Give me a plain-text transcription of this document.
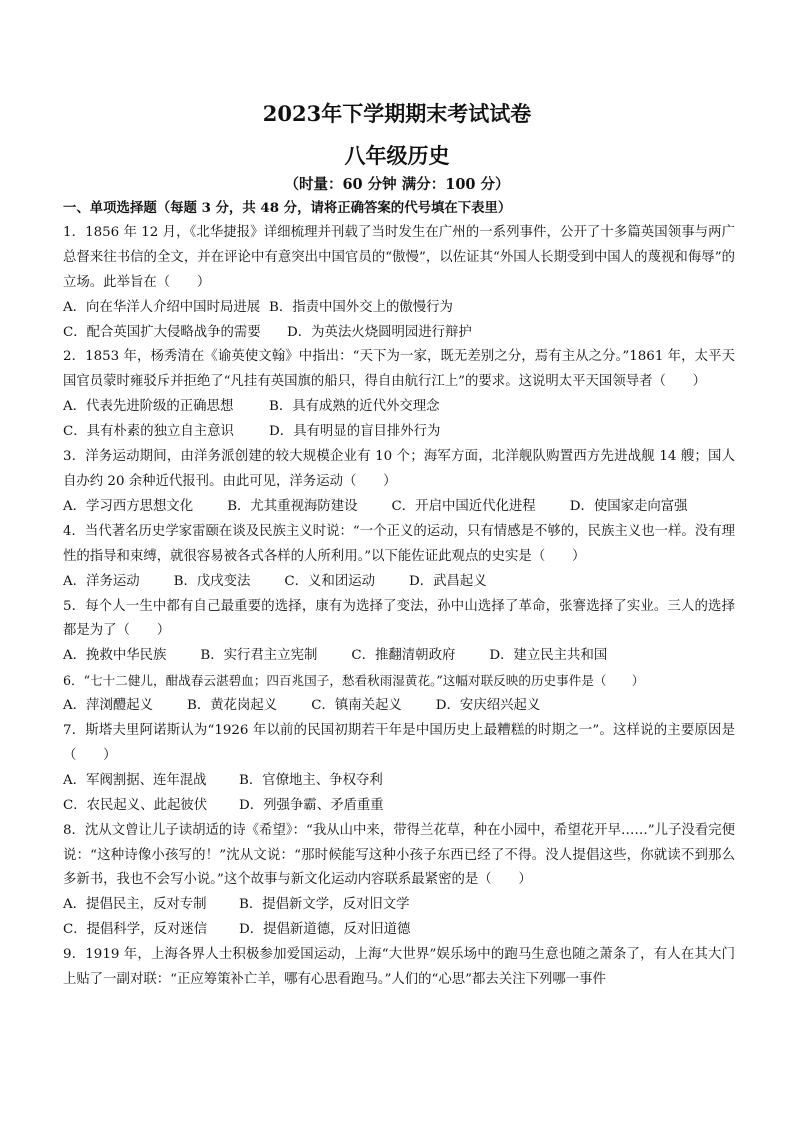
2023年下学期期末考试试卷
八年级历史
（时量：60 分钟 满分：100 分）
一、单项选择题（每题 3 分，共 48 分，请将正确答案的代号填在下表里）

1．1856 年 12 月，《北华捷报》详细梳理并刊载了当时发生在广州的一系列事件，公开了十多篇英国领事与两广总督来往书信的全文，并在评论中有意突出中国官员的“傲慢”，以佐证其“外国人长期受到中国人的蔑视和侮辱”的立场。此举旨在（　　）

A．向在华洋人介绍中国时局进展 B．指责中国外交上的傲慢行为
C．配合英国扩大侵略战争的需要	D．为英法火烧圆明园进行辩护

2．1853 年，杨秀清在《谕英使文翰》中指出：“天下为一家，既无差别之分，焉有主从之分。”1861 年，太平天国官员蒙时雍驳斥并拒绝了“凡挂有英国旗的船只，得自由航行江上”的要求。这说明太平天国领导者（　　）

A．代表先进阶级的正确思想	B．具有成熟的近代外交理念
C．具有朴素的独立自主意识	D．具有明显的盲目排外行为

3．洋务运动期间，由洋务派创建的较大规模企业有 10 个；海军方面，北洋舰队购置西方先进战舰 14 艘；国人自办约 20 余种近代报刊。由此可见，洋务运动（　　）

A．学习西方思想文化	B．尤其重视海防建设	C．开启中国近代化进程	D．使国家走向富强

4．当代著名历史学家雷颐在谈及民族主义时说：“一个正义的运动，只有情感是不够的，民族主义也一样。没有理性的指导和束缚，就很容易被各式各样的人所利用。”以下能佐证此观点的史实是（　　）

A．洋务运动	B．戊戌变法	C．义和团运动	D．武昌起义

5．每个人一生中都有自己最重要的选择，康有为选择了变法，孙中山选择了革命，张謇选择了实业。三人的选择都是为了（　　）

A．挽救中华民族	B．实行君主立宪制	C．推翻清朝政府	D．建立民主共和国

6．“七十二健儿，酣战春云湛碧血；四百兆国子，愁看秋雨湿黄花。”这幅对联反映的历史事件是（　　）

A．萍浏醴起义	B．黄花岗起义	C．镇南关起义	D．安庆绍兴起义

7．斯塔夫里阿诺斯认为“1926 年以前的民国初期若干年是中国历史上最糟糕的时期之一”。这样说的主要原因是（　　）

A．军阀割据、连年混战	B．官僚地主、争权夺利
C．农民起义、此起彼伏	D．列强争霸、矛盾重重

8．沈从文曾让儿子读胡适的诗《希望》：“我从山中来，带得兰花草，种在小园中，希望花开早……”儿子没看完便说：“这种诗像小孩写的！”沈从文说：“那时候能写这种小孩子东西已经了不得。没人提倡这些，你就读不到那么多新书，我也不会写小说。”这个故事与新文化运动内容联系最紧密的是（　　）

A．提倡民主，反对专制	B．提倡新文学，反对旧文学
C．提倡科学，反对迷信	D．提倡新道德，反对旧道德

9．1919 年，上海各界人士积极参加爱国运动，上海“大世界”娱乐场中的跑马生意也随之萧条了，有人在其大门上贴了一副对联：“正应筹策补亡羊，哪有心思看跑马。”人们的“心思”都去关注下列哪一事件
